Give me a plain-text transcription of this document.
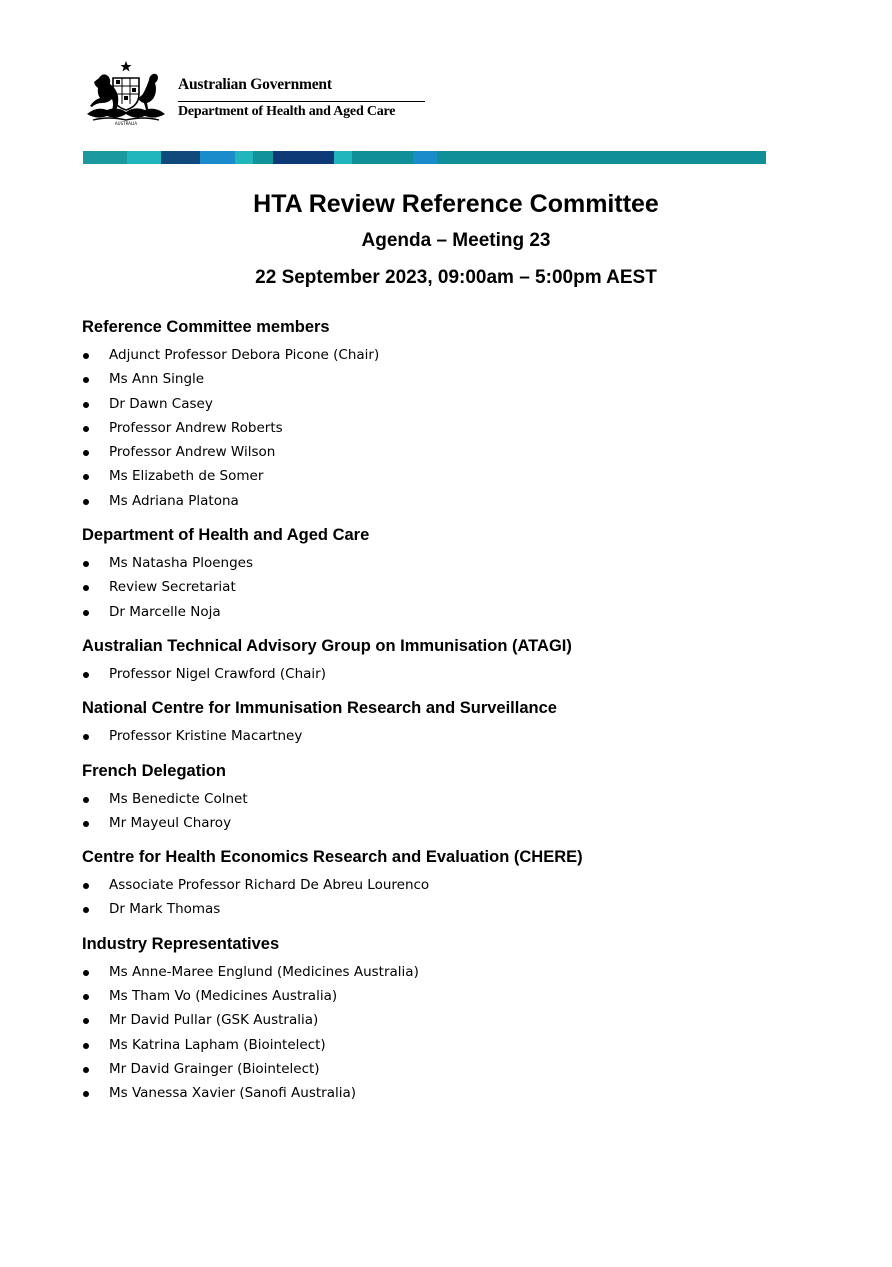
AUSTRALIA
Australian Government
Department of Health and Aged Care
HTA Review Reference Committee
Agenda – Meeting 23
22 September 2023, 09:00am – 5:00pm AEST
Reference Committee members
Adjunct Professor Debora Picone (Chair)
Ms Ann Single
Dr Dawn Casey
Professor Andrew Roberts
Professor Andrew Wilson
Ms Elizabeth de Somer
Ms Adriana Platona
Department of Health and Aged Care
Ms Natasha Ploenges
Review Secretariat
Dr Marcelle Noja
Australian Technical Advisory Group on Immunisation (ATAGI)
Professor Nigel Crawford (Chair)
National Centre for Immunisation Research and Surveillance
Professor Kristine Macartney
French Delegation
Ms Benedicte Colnet
Mr Mayeul Charoy
Centre for Health Economics Research and Evaluation (CHERE)
Associate Professor Richard De Abreu Lourenco
Dr Mark Thomas
Industry Representatives
Ms Anne-Maree Englund (Medicines Australia)
Ms Tham Vo (Medicines Australia)
Mr David Pullar (GSK Australia)
Ms Katrina Lapham (Biointelect)
Mr David Grainger (Biointelect)
Ms Vanessa Xavier (Sanofi Australia)
